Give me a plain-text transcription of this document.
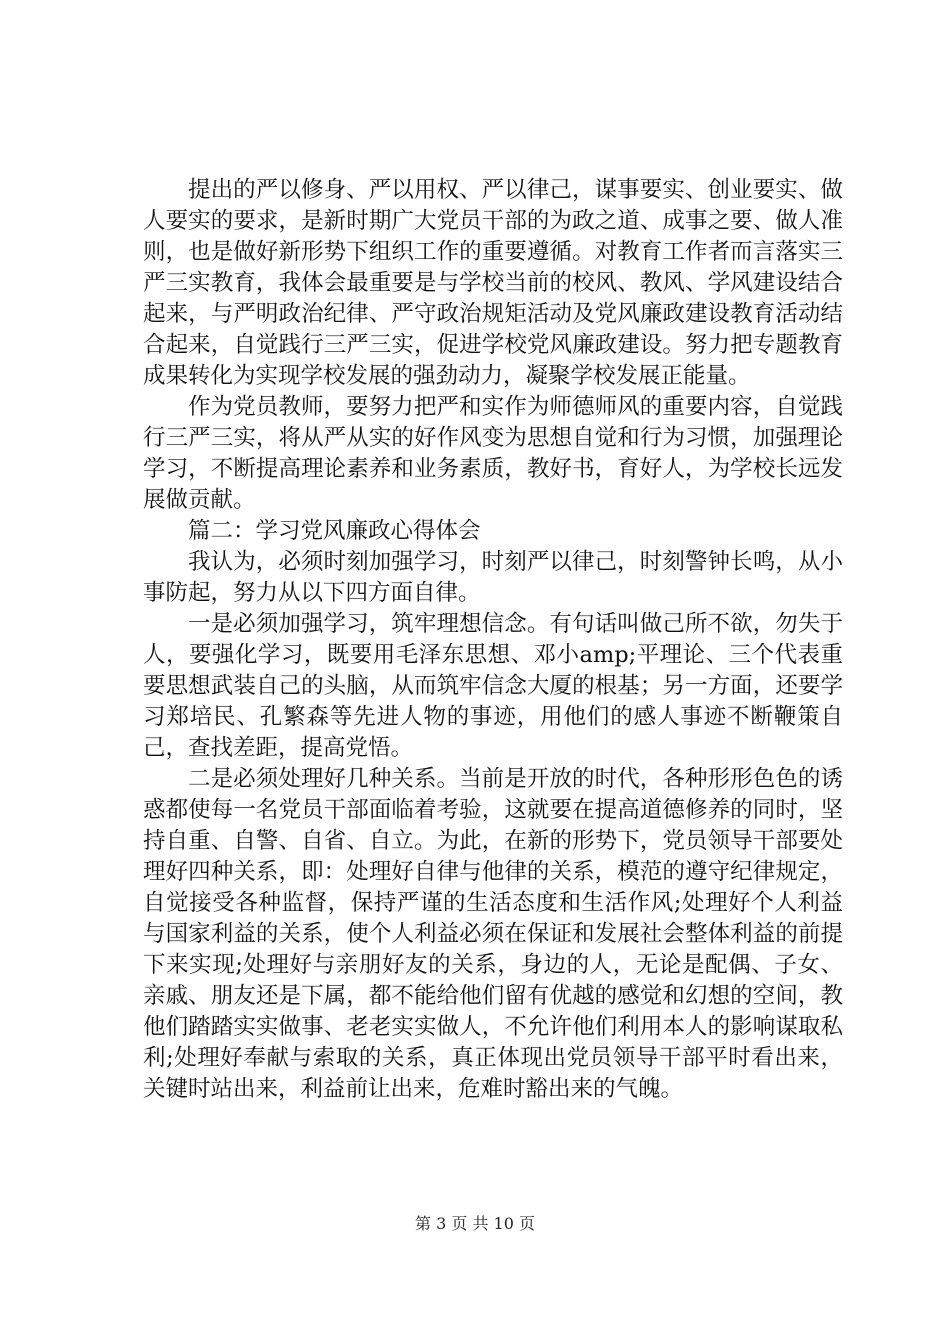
提出的严以修身、严以用权、严以律己，谋事要实、创业要实、做人要实的要求，是新时期广大党员干部的为政之道、成事之要、做人准则，也是做好新形势下组织工作的重要遵循。对教育工作者而言落实三严三实教育，我体会最重要是与学校当前的校风、教风、学风建设结合起来，与严明政治纪律、严守政治规矩活动及党风廉政建设教育活动结合起来，自觉践行三严三实，促进学校党风廉政建设。努力把专题教育成果转化为实现学校发展的强劲动力，凝聚学校发展正能量。

作为党员教师，要努力把严和实作为师德师风的重要内容，自觉践行三严三实，将从严从实的好作风变为思想自觉和行为习惯，加强理论学习，不断提高理论素养和业务素质，教好书，育好人，为学校长远发展做贡献。

篇二：学习党风廉政心得体会

我认为，必须时刻加强学习，时刻严以律己，时刻警钟长鸣，从小事防起，努力从以下四方面自律。

一是必须加强学习，筑牢理想信念。有句话叫做己所不欲，勿失于人，要强化学习，既要用毛泽东思想、邓小amp;平理论、三个代表重要思想武装自己的头脑，从而筑牢信念大厦的根基；另一方面，还要学习郑培民、孔繁森等先进人物的事迹，用他们的感人事迹不断鞭策自己，查找差距，提高党悟。

二是必须处理好几种关系。当前是开放的时代，各种形形色色的诱惑都使每一名党员干部面临着考验，这就要在提高道德修养的同时，坚持自重、自警、自省、自立。为此，在新的形势下，党员领导干部要处理好四种关系，即：处理好自律与他律的关系，模范的遵守纪律规定，自觉接受各种监督，保持严谨的生活态度和生活作风;处理好个人利益与国家利益的关系，使个人利益必须在保证和发展社会整体利益的前提下来实现;处理好与亲朋好友的关系，身边的人，无论是配偶、子女、亲戚、朋友还是下属，都不能给他们留有优越的感觉和幻想的空间，教他们踏踏实实做事、老老实实做人，不允许他们利用本人的影响谋取私利;处理好奉献与索取的关系，真正体现出党员领导干部平时看出来，关键时站出来，利益前让出来，危难时豁出来的气魄。

第 3 页 共 10 页
